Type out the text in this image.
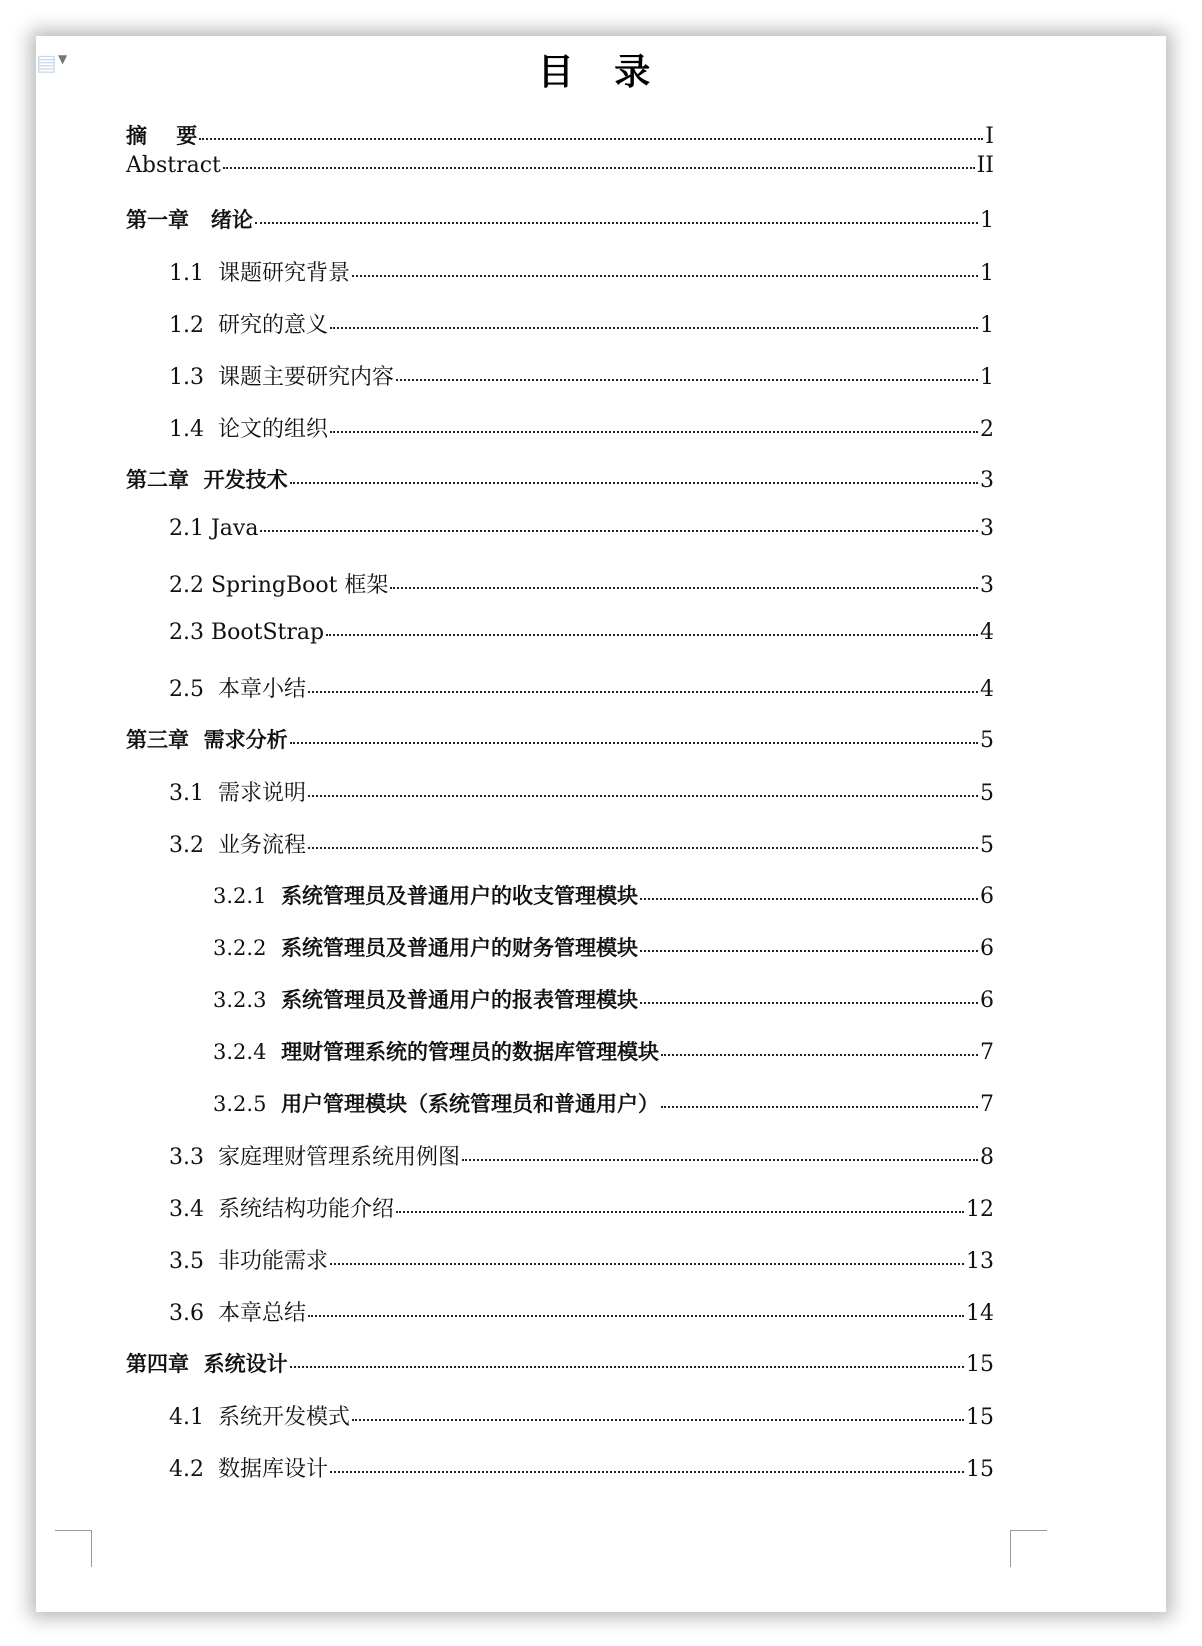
▤ ▼	目 录
摘    要	I
Abstract	II
第一章   绪论	1
1.1  课题研究背景	1
1.2  研究的意义	1
1.3  课题主要研究内容	1
1.4  论文的组织	2
第二章  开发技术	3
2.1 Java	3
2.2 SpringBoot 框架	3
2.3 BootStrap	4
2.5  本章小结	4
第三章  需求分析	5
3.1  需求说明	5
3.2  业务流程	5
3.2.1 系统管理员及普通用户的收支管理模块	6
3.2.2 系统管理员及普通用户的财务管理模块	6
3.2.3 系统管理员及普通用户的报表管理模块	6
3.2.4 理财管理系统的管理员的数据库管理模块	7
3.2.5 用户管理模块（系统管理员和普通用户）	7
3.3  家庭理财管理系统用例图	8
3.4  系统结构功能介绍	12
3.5  非功能需求	13
3.6  本章总结	14
第四章  系统设计	15
4.1  系统开发模式	15
4.2  数据库设计	15
